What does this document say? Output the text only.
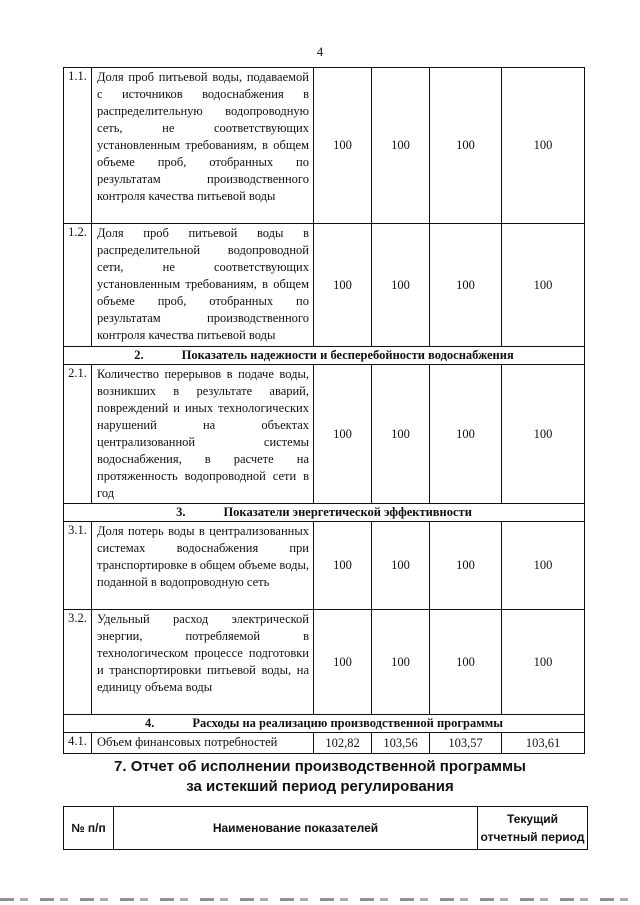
4
1.1.	Доля проб питьевой воды, подаваемой с источников водоснабжения в распределительную водопроводную сеть, не соответствующих установленным требованиям, в общем объеме проб, отобранных по результатам производственного контроля качества питьевой воды	100	100	100	100
1.2.	Доля проб питьевой воды в распределительной водопроводной сети, не соответствующих установленным требованиям, в общем объеме проб, отобранных по результатам производственного контроля качества питьевой воды	100	100	100	100
2. Показатель надежности и бесперебойности водоснабжения					
2.1.	Количество перерывов в подаче воды, возникших в результате аварий, повреждений и иных технологических нарушений на объектах централизованной системы водоснабжения, в расчете на протяженность водопроводной сети в год	100	100	100	100
3. Показатели энергетической эффективности					
3.1.	Доля потерь воды в централизованных системах водоснабжения при транспортировке в общем объеме воды, поданной в водопроводную сеть	100	100	100	100
3.2.	Удельный расход электрической энергии, потребляемой в технологическом процессе подготовки и транспортировки питьевой воды, на единицу объема воды	100	100	100	100
4. Расходы на реализацию производственной программы					
4.1.	Объем финансовых потребностей	102,82	103,56	103,57	103,61
7. Отчет об исполнении производственной программы
за истекший период регулирования
№ п/п	Наименование показателей	Текущий
отчетный период
